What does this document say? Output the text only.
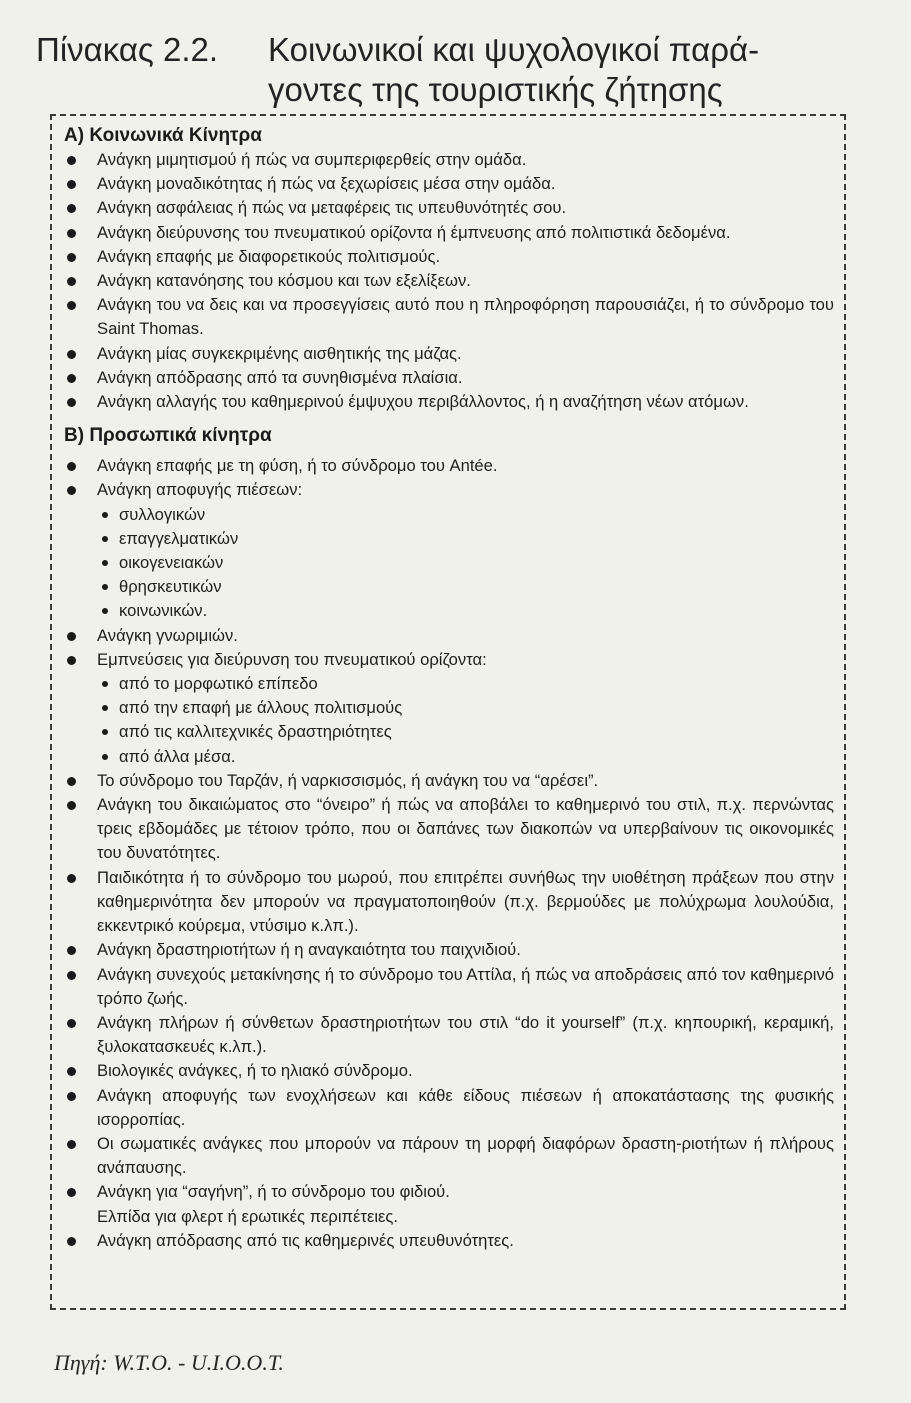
Πίνακας 2.2. Κοινωνικοί και ψυχολογικοί παρά-γοντες της τουριστικής ζήτησης
Α) Κοινωνικά Κίνητρα
Ανάγκη μιμητισμού ή πώς να συμπεριφερθείς στην ομάδα.
Ανάγκη μοναδικότητας ή πώς να ξεχωρίσεις μέσα στην ομάδα.
Ανάγκη ασφάλειας ή πώς να μεταφέρεις τις υπευθυνότητές σου.
Ανάγκη διεύρυνσης του πνευματικού ορίζοντα ή έμπνευσης από πολιτιστικά δεδομένα.
Ανάγκη επαφής με διαφορετικούς πολιτισμούς.
Ανάγκη κατανόησης του κόσμου και των εξελίξεων.
Ανάγκη του να δεις και να προσεγγίσεις αυτό που η πληροφόρηση παρουσιάζει, ή το σύνδρομο του Saint Thomas.
Ανάγκη μίας συγκεκριμένης αισθητικής της μάζας.
Ανάγκη απόδρασης από τα συνηθισμένα πλαίσια.
Ανάγκη αλλαγής του καθημερινού έμψυχου περιβάλλοντος, ή η αναζήτηση νέων ατόμων.
Β) Προσωπικά κίνητρα
Ανάγκη επαφής με τη φύση, ή το σύνδρομο του Antée.
Ανάγκη αποφυγής πιέσεων:
συλλογικών
επαγγελματικών
οικογενειακών
θρησκευτικών
κοινωνικών.
Ανάγκη γνωριμιών.
Εμπνεύσεις για διεύρυνση του πνευματικού ορίζοντα:
από το μορφωτικό επίπεδο
από την επαφή με άλλους πολιτισμούς
από τις καλλιτεχνικές δραστηριότητες
από άλλα μέσα.
Το σύνδρομο του Ταρζάν, ή ναρκισσισμός, ή ανάγκη του να “αρέσει”.
Ανάγκη του δικαιώματος στο “όνειρο” ή πώς να αποβάλει το καθημερινό του στιλ, π.χ. περνώντας τρεις εβδομάδες με τέτοιον τρόπο, που οι δαπάνες των διακοπών να υπερβαίνουν τις οικονομικές του δυνατότητες.
Παιδικότητα ή το σύνδρομο του μωρού, που επιτρέπει συνήθως την υιοθέτηση πράξεων που στην καθημερινότητα δεν μπορούν να πραγματοποιηθούν (π.χ. βερμούδες με πολύχρωμα λουλούδια, εκκεντρικό κούρεμα, ντύσιμο κ.λπ.).
Ανάγκη δραστηριοτήτων ή η αναγκαιότητα του παιχνιδιού.
Ανάγκη συνεχούς μετακίνησης ή το σύνδρομο του Αττίλα, ή πώς να αποδράσεις από τον καθημερινό τρόπο ζωής.
Ανάγκη πλήρων ή σύνθετων δραστηριοτήτων του στιλ “do it yourself” (π.χ. κηπουρική, κεραμική, ξυλοκατασκευές κ.λπ.).
Βιολογικές ανάγκες, ή το ηλιακό σύνδρομο.
Ανάγκη αποφυγής των ενοχλήσεων και κάθε είδους πιέσεων ή αποκατάστασης της φυσικής ισορροπίας.
Οι σωματικές ανάγκες που μπορούν να πάρουν τη μορφή διαφόρων δραστη-ριοτήτων ή πλήρους ανάπαυσης.
Ανάγκη για “σαγήνη”, ή το σύνδρομο του φιδιού.
Ελπίδα για φλερτ ή ερωτικές περιπέτειες.
Ανάγκη απόδρασης από τις καθημερινές υπευθυνότητες.
Πηγή: W.T.O. - U.I.O.O.T.
